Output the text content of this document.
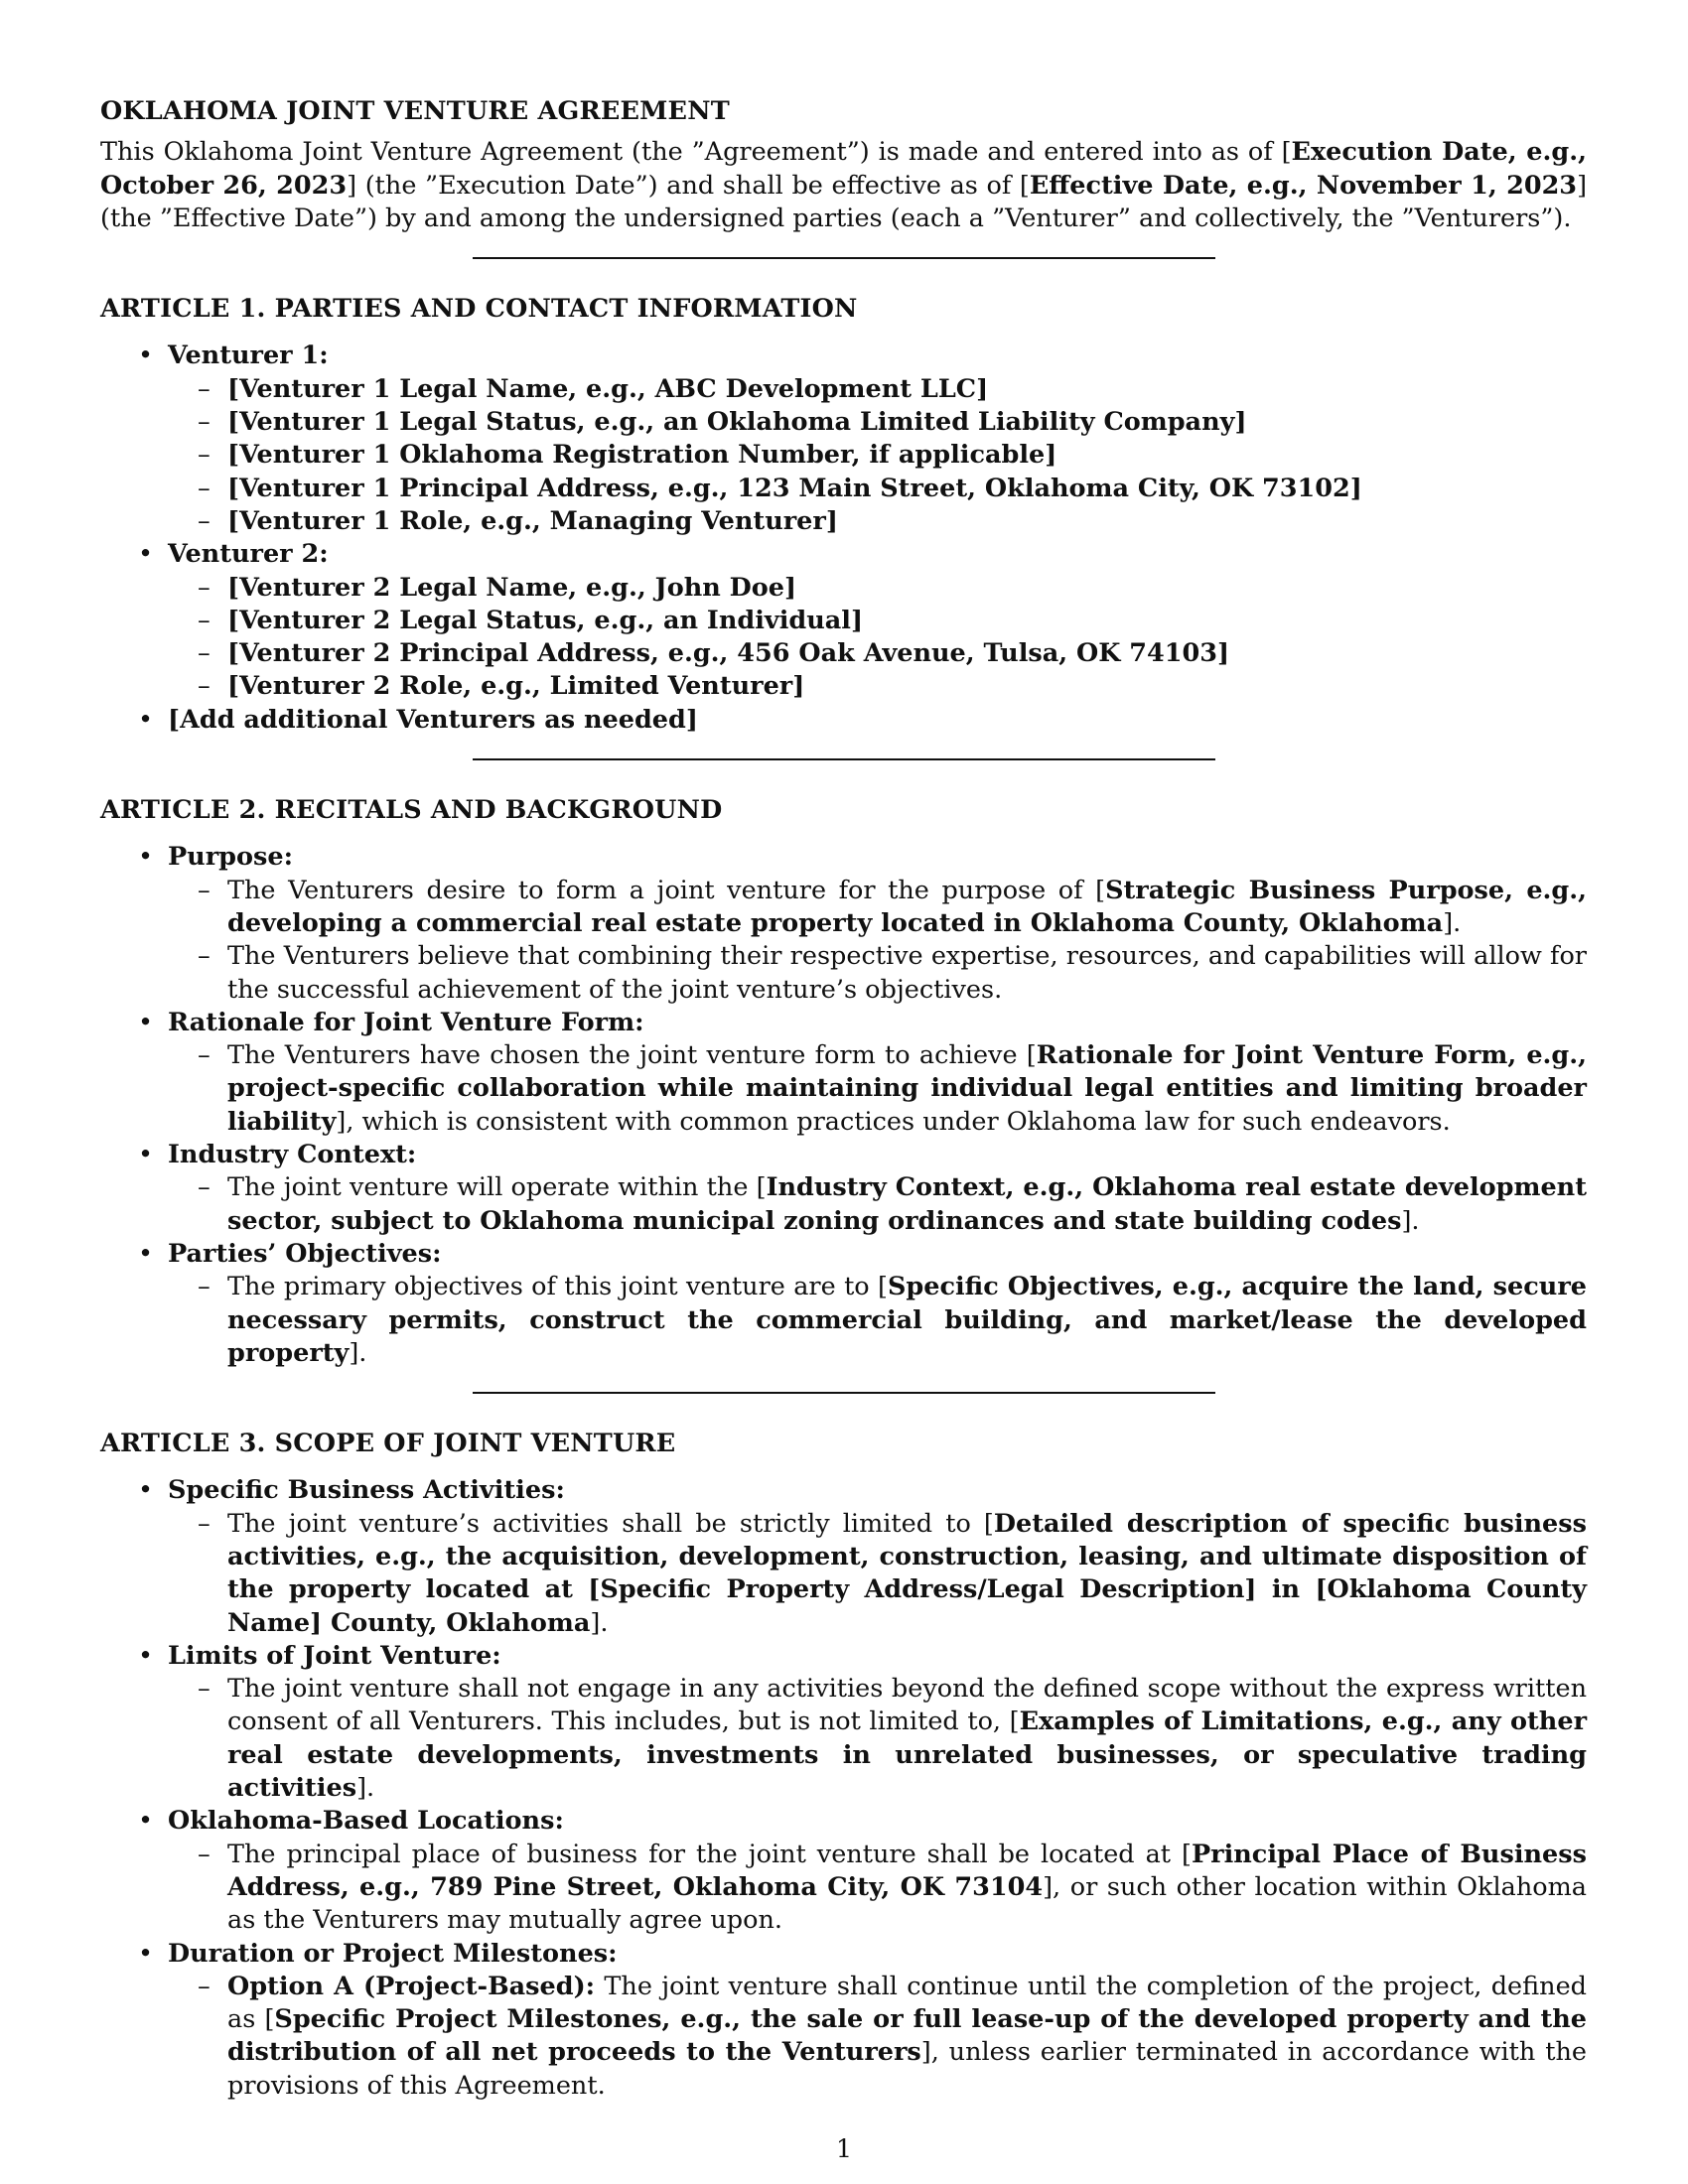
OKLAHOMA JOINT VENTURE AGREEMENT

This Oklahoma Joint Venture Agreement (the ”Agreement”) is made and entered into as of [Execution Date, e.g., October 26, 2023] (the ”Execution Date”) and shall be effective as of [Effective Date, e.g., November 1, 2023] (the ”Effective Date”) by and among the undersigned parties (each a ”Venturer” and collectively, the ”Venturers”).

ARTICLE 1. PARTIES AND CONTACT INFORMATION
• Venturer 1:
– [Venturer 1 Legal Name, e.g., ABC Development LLC]
– [Venturer 1 Legal Status, e.g., an Oklahoma Limited Liability Company]
– [Venturer 1 Oklahoma Registration Number, if applicable]
– [Venturer 1 Principal Address, e.g., 123 Main Street, Oklahoma City, OK 73102]
– [Venturer 1 Role, e.g., Managing Venturer]
• Venturer 2:
– [Venturer 2 Legal Name, e.g., John Doe]
– [Venturer 2 Legal Status, e.g., an Individual]
– [Venturer 2 Principal Address, e.g., 456 Oak Avenue, Tulsa, OK 74103]
– [Venturer 2 Role, e.g., Limited Venturer]
• [Add additional Venturers as needed]
ARTICLE 2. RECITALS AND BACKGROUND
• Purpose:
– The Venturers desire to form a joint venture for the purpose of [Strategic Business Purpose, e.g., developing a commercial real estate property located in Oklahoma County, Oklahoma].
– The Venturers believe that combining their respective expertise, resources, and capabilities will allow for the successful achievement of the joint venture’s objectives.
• Rationale for Joint Venture Form:
– The Venturers have chosen the joint venture form to achieve [Rationale for Joint Venture Form, e.g., project-specific collaboration while maintaining individual legal entities and limiting broader liability], which is consistent with common practices under Oklahoma law for such endeavors.
• Industry Context:
– The joint venture will operate within the [Industry Context, e.g., Oklahoma real estate development sector, subject to Oklahoma municipal zoning ordinances and state building codes].
• Parties’ Objectives:
– The primary objectives of this joint venture are to [Specific Objectives, e.g., acquire the land, secure necessary permits, construct the commercial building, and market/lease the developed property].
ARTICLE 3. SCOPE OF JOINT VENTURE
• Specific Business Activities:
– The joint venture’s activities shall be strictly limited to [Detailed description of specific business activities, e.g., the acquisition, development, construction, leasing, and ultimate disposition of the property located at [Specific Property Address/Legal Description] in [Oklahoma County Name] County, Oklahoma].
• Limits of Joint Venture:
– The joint venture shall not engage in any activities beyond the defined scope without the express written consent of all Venturers. This includes, but is not limited to, [Examples of Limitations, e.g., any other real estate developments, investments in unrelated businesses, or speculative trading activities].
• Oklahoma-Based Locations:
– The principal place of business for the joint venture shall be located at [Principal Place of Business Address, e.g., 789 Pine Street, Oklahoma City, OK 73104], or such other location within Oklahoma as the Venturers may mutually agree upon.
• Duration or Project Milestones:
– Option A (Project-Based): The joint venture shall continue until the completion of the project, defined as [Specific Project Milestones, e.g., the sale or full lease-up of the developed property and the distribution of all net proceeds to the Venturers], unless earlier terminated in accordance with the provisions of this Agreement.
1
